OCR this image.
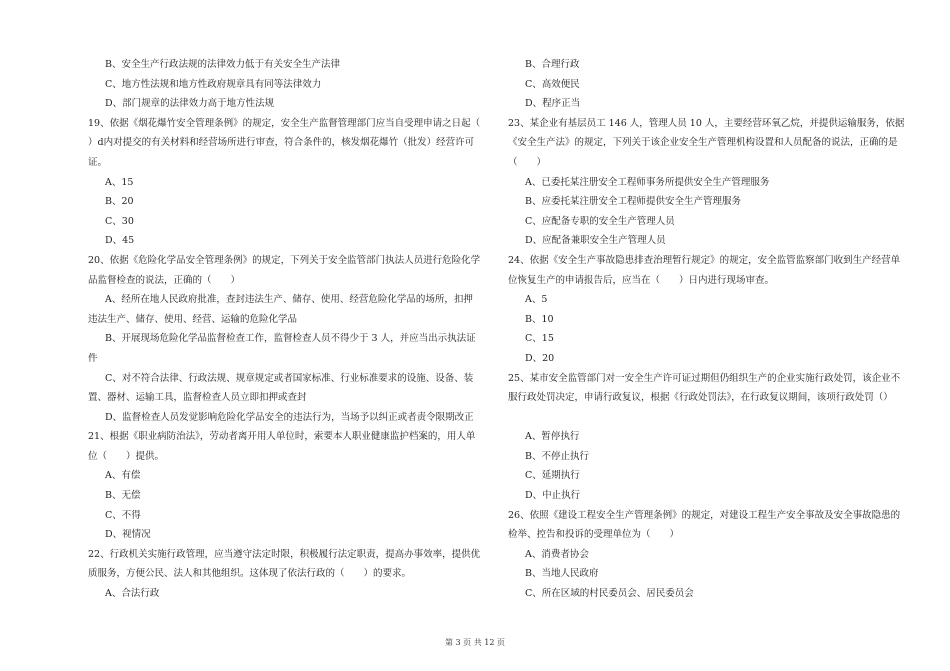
B、安全生产行政法规的法律效力低于有关安全生产法律
C、地方性法规和地方性政府规章具有同等法律效力
D、部门规章的法律效力高于地方性法规
19、依据《烟花爆竹安全管理条例》的规定，安全生产监督管理部门应当自受理申请之日起（
）d内对提交的有关材料和经营场所进行审查，符合条件的，核发烟花爆竹（批发）经营许可
证。
A、15
B、20
C、30
D、45
20、依据《危险化学品安全管理条例》的规定，下列关于安全监管部门执法人员进行危险化学
品监督检查的说法，正确的（　　）
A、经所在地人民政府批准，查封违法生产、储存、使用、经营危险化学品的场所，扣押
违法生产、储存、使用、经营、运输的危险化学品
B、开展现场危险化学品监督检查工作，监督检查人员不得少于 3 人，并应当出示执法证
件
C、对不符合法律、行政法规、规章规定或者国家标准、行业标准要求的设施、设备、装
置、器材、运输工具，监督检查人员立即扣押或查封
D、监督检查人员发觉影响危险化学品安全的违法行为，当场予以纠正或者责令限期改正
21、根据《职业病防治法》，劳动者离开用人单位时，索要本人职业健康监护档案的，用人单
位（　　）提供。
A、有偿
B、无偿
C、不得
D、视情况
22、行政机关实施行政管理，应当遵守法定时限，积极履行法定职责，提高办事效率，提供优
质服务，方便公民、法人和其他组织。这体现了依法行政的（　　）的要求。
A、合法行政
B、合理行政
C、高效便民
D、程序正当
23、某企业有基层员工 146 人，管理人员 10 人，主要经营环氧乙烷，并提供运输服务，依据
《安全生产法》的规定，下列关于该企业安全生产管理机构设置和人员配备的说法，正确的是
（　　）
A、已委托某注册安全工程师事务所提供安全生产管理服务
B、应委托某注册安全工程师提供安全生产管理服务
C、应配备专职的安全生产管理人员
D、应配备兼职安全生产管理人员
24、依据《安全生产事故隐患排查治理暂行规定》的规定，安全监管监察部门收到生产经营单
位恢复生产的申请报告后，应当在（　　）日内进行现场审查。
A、5
B、10
C、15
D、20
25、某市安全监管部门对一安全生产许可证过期但仍组织生产的企业实施行政处罚，该企业不
服行政处罚决定，申请行政复议，根据《行政处罚法》，在行政复议期间，该项行政处罚（）
A、暂停执行
B、不停止执行
C、延期执行
D、中止执行
26、依照《建设工程安全生产管理条例》的规定，对建设工程生产安全事故及安全事故隐患的
检举、控告和投诉的受理单位为（　　）
A、消费者协会
B、当地人民政府
C、所在区域的村民委员会、居民委员会
第 3 页 共 12 页
